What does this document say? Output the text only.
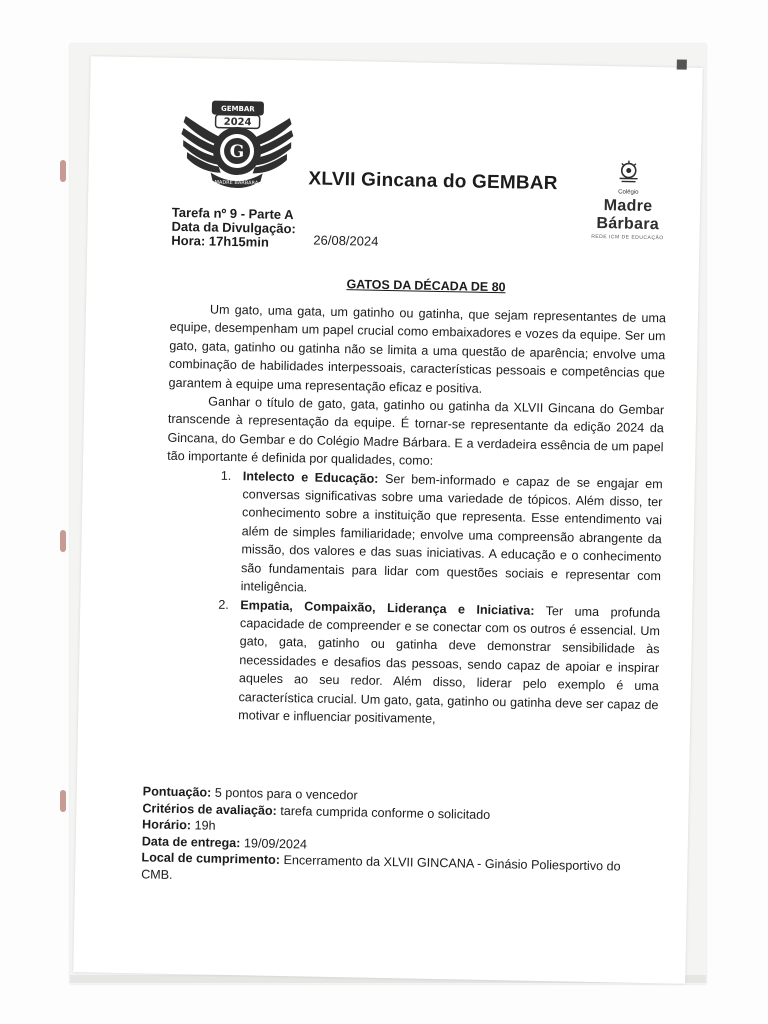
GEMBAR
2024
G
MADRE BÁRBARA	XLVII Gincana do GEMBAR	Colégio
Madre Bárbara
REDE ICM DE EDUCAÇÃO
Tarefa nº 9 - Parte A
Data da Divulgação:
Hora: 17h15min	26/08/2024
GATOS DA DÉCADA DE 80

Um gato, uma gata, um gatinho ou gatinha, que sejam representantes de uma equipe, desempenham um papel crucial como embaixadores e vozes da equipe. Ser um gato, gata, gatinho ou gatinha não se limita a uma questão de aparência; envolve uma combinação de habilidades interpessoais, características pessoais e competências que garantem à equipe uma representação eficaz e positiva.

Ganhar o título de gato, gata, gatinho ou gatinha da XLVII Gincana do Gembar transcende à representação da equipe. É tornar-se representante da edição 2024 da Gincana, do Gembar e do Colégio Madre Bárbara. E a verdadeira essência de um papel tão importante é definida por qualidades, como:

1. Intelecto e Educação: Ser bem-informado e capaz de se engajar em conversas significativas sobre uma variedade de tópicos. Além disso, ter conhecimento sobre a instituição que representa. Esse entendimento vai além de simples familiaridade; envolve uma compreensão abrangente da missão, dos valores e das suas iniciativas. A educação e o conhecimento são fundamentais para lidar com questões sociais e representar com inteligência.
2. Empatia, Compaixão, Liderança e Iniciativa: Ter uma profunda capacidade de compreender e se conectar com os outros é essencial. Um gato, gata, gatinho ou gatinha deve demonstrar sensibilidade às necessidades e desafios das pessoas, sendo capaz de apoiar e inspirar aqueles ao seu redor. Além disso, liderar pelo exemplo é uma característica crucial. Um gato, gata, gatinho ou gatinha deve ser capaz de motivar e influenciar positivamente,

Pontuação: 5 pontos para o vencedor

Critérios de avaliação: tarefa cumprida conforme o solicitado

Horário: 19h

Data de entrega: 19/09/2024

Local de cumprimento: Encerramento da XLVII GINCANA - Ginásio Poliesportivo do CMB.
